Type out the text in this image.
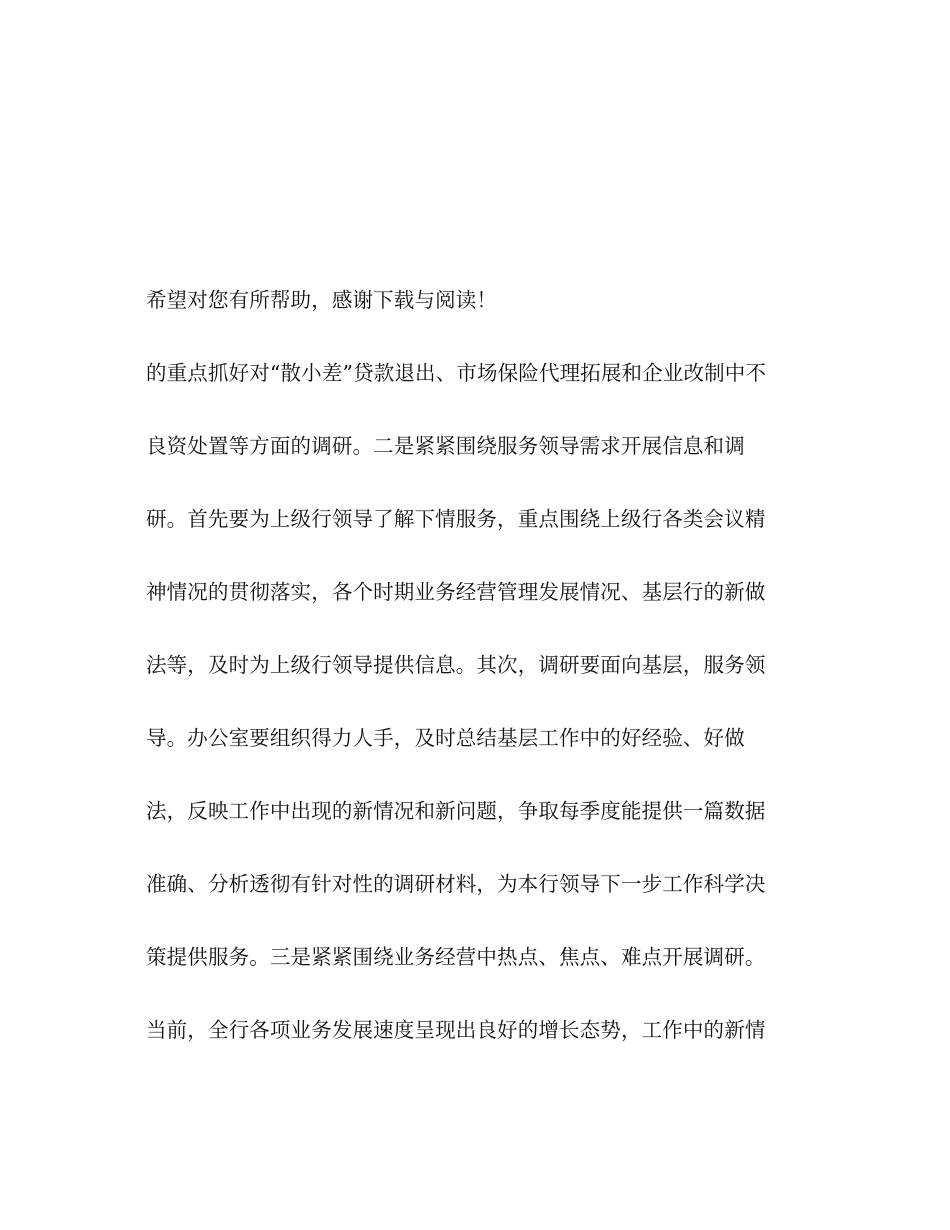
希望对您有所帮助，感谢下载与阅读！
的重点抓好对“散小差”贷款退出、市场保险代理拓展和企业改制中不
良资处置等方面的调研。二是紧紧围绕服务领导需求开展信息和调
研。首先要为上级行领导了解下情服务，重点围绕上级行各类会议精
神情况的贯彻落实，各个时期业务经营管理发展情况、基层行的新做
法等，及时为上级行领导提供信息。其次，调研要面向基层，服务领
导。办公室要组织得力人手，及时总结基层工作中的好经验、好做
法，反映工作中出现的新情况和新问题，争取每季度能提供一篇数据
准确、分析透彻有针对性的调研材料，为本行领导下一步工作科学决
策提供服务。三是紧紧围绕业务经营中热点、焦点、难点开展调研。
当前，全行各项业务发展速度呈现出良好的增长态势，工作中的新情
